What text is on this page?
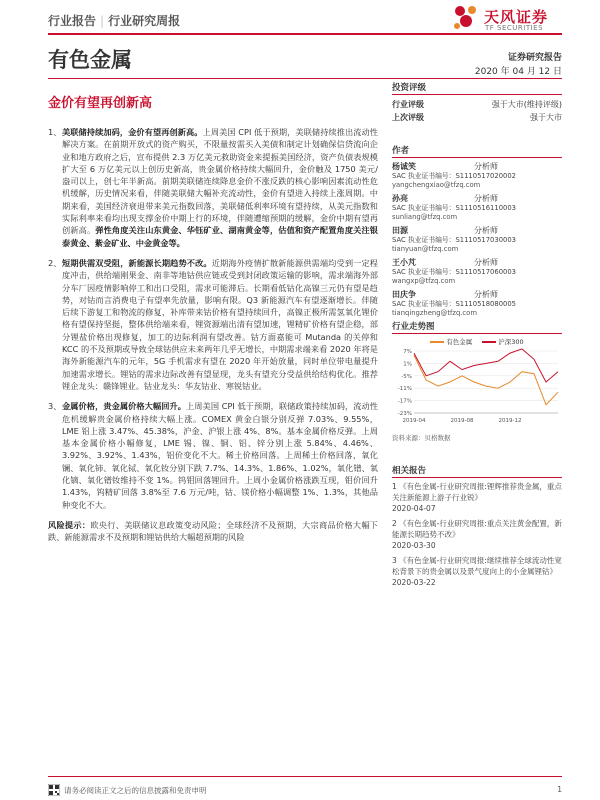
行业报告 | 行业研究周报	天风证券
TF SECURITIES
有色金属	证券研究报告
2020 年 04 月 12 日
金价有望再创新高
投资评级
行业评级	强于大市(维持评级)
上次评级	强于大市
作者
杨诚笑	分析师
SAC 执业证书编号：S1110517020002
yangchengxiao@tfzq.com
孙亮	分析师
SAC 执业证书编号：S1110516110003
sunliang@tfzq.com
田源	分析师
SAC 执业证书编号：S1110517030003
tianyuan@tfzq.com
王小芃	分析师
SAC 执业证书编号：S1110517060003
wangxp@tfzq.com
田庆争	分析师
SAC 执业证书编号：S1110518080005
tianqingzheng@tfzq.com
行业走势图
有色金属	沪深300
7%
1%
-5%
-11%
-17%
-23%
2019-04	2019-08	2019-12
资料来源：贝格数据
相关报告
1 《有色金属-行业研究周报:锂辉推荐贵金属，重点关注新能源上游子行业锐》
2020-04-07
2 《有色金属-行业研究周报:重点关注黄金配置，新能源长期趋势不改》
2020-03-30
3 《有色金属-行业研究周报:继续推荐全球流动性宽松背景下的贵金属以及景气度向上的小金属锂钴》
2020-03-22
1、 美联储持续加码，金价有望再创新高。上周美国 CPI 低于预期，美联储持续推出流动性解决方案。在前期开放式的资产购买，不限量按需买入美债和制定计划确保信贷流向企业和地方政府之后，宣布提供 2.3 万亿美元救助资金来提振美国经济，资产负债表规模扩大至 6 万亿美元以上创历史新高，贵金属价格持续大幅回升，金价触及 1750 美元/盎司以上，创七年半新高。前期美联储连续降息金价不涨反跌的核心影响因素流动性危机缓解，历史情况来看，伴随美联储大幅补充流动性，金价有望进入持续上涨周期。中期来看，美国经济衰退带来美元指数回落，美联储低利率环境有望持续，从美元指数和实际利率来看均出现支撑金价中期上行的环境，伴随遭缩预期的缓解，金价中期有望再创新高。弹性角度关注山东黄金、华钰矿业、湖南黄金等，估值和资产配置角度关注银泰黄金、紫金矿业、中金黄金等。
2、 短期供需双受阻，新能源长期趋势不改。近期海外疫情扩散新能源供需端均受到一定程度冲击，供给端刚果金、南非等地钴供应链或受到封闭政策运输的影响，需求端海外部分车厂因疫情影响停工和出口受阻，需求可能滞后。长期看低钴化高镍三元仍有望是趋势，对钴而言消费电子有望率先放量，影响有限。Q3 新能源汽车有望逐渐增长。伴随后续下游复工和物流的修复，补库带来钴价格有望持续回升，高镍正极所需氢氧化锂价格有望保持坚挺，整体供给端来看，锂资源端出清有望加速，锂精矿价格有望企稳，部分锂盐价格出现修复，加工的边际利润有望改善。钴方面嘉能可 Mutanda 的关停和 KCC 的不及预期或导致全球钴供应未来两年几乎无增长，中期需求端来看 2020 年将是海外新能源汽车的元年，5G 手机需求有望在 2020 年开始放量，同时单位带电量提升加速需求增长。锂钴的需求边际改善有望显现，龙头有望充分受益供给结构优化。推荐锂企龙头：赣锋锂业。钴业龙头：华友钴业、寒锐钴业。
3、 金属价格，贵金属价格大幅回升。上周美国 CPI 低于预期，联储政策持续加码，流动性危机缓解贵金属价格持续大幅上涨。COMEX 黄金白银分别反弹 7.03%、9.55%，LME 铝上涨 3.47%、45.38%，沪金、沪银上涨 4%、8%。基本金属价格反弹。上周基本金属价格小幅修复，LME 锡、镍、铜、铝、锌分别上涨 5.84%、4.46%、3.92%、3.92%、1.43%，铝价变化不大。稀土价格回落。上周稀土价格回落，氧化镧、氧化铈、氧化铽、氧化钕分别下跌 7.7%、14.3%、1.86%、1.02%，氧化镨、氧化镝、氧化镨钕维持不变 1%。钨钼回落锂回升。上周小金属价格涨跌互现，钼价回升 1.43%，钨精矿回落 3.8%至 7.6 万元/吨，钴、镁价格小幅调整 1%、1.3%，其他品种变化不大。
风险提示：欧央行、美联储议息政策变动风险；全球经济不及预期，大宗商品价格大幅下跌、新能源需求不及预期和锂钴供给大幅超预期的风险
请务必阅读正文之后的信息披露和免责申明	1
